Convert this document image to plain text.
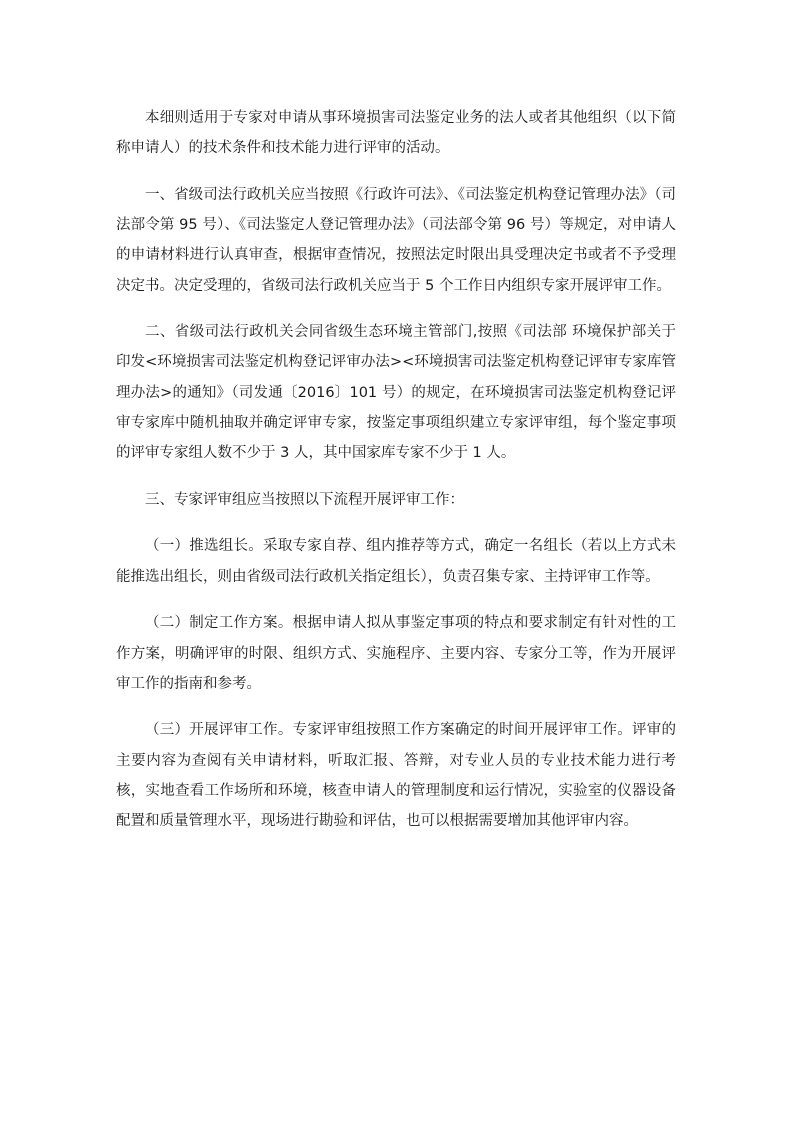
本细则适用于专家对申请从事环境损害司法鉴定业务的法人或者其他组织（以下简称申请人）的技术条件和技术能力进行评审的活动。

一、省级司法行政机关应当按照《行政许可法》、《司法鉴定机构登记管理办法》（司法部令第 95 号）、《司法鉴定人登记管理办法》（司法部令第 96 号）等规定，对申请人的申请材料进行认真审查，根据审查情况，按照法定时限出具受理决定书或者不予受理决定书。决定受理的，省级司法行政机关应当于 5 个工作日内组织专家开展评审工作。

二、省级司法行政机关会同省级生态环境主管部门,按照《司法部 环境保护部关于印发<环境损害司法鉴定机构登记评审办法><环境损害司法鉴定机构登记评审专家库管理办法>的通知》（司发通〔2016〕101 号）的规定，在环境损害司法鉴定机构登记评审专家库中随机抽取并确定评审专家，按鉴定事项组织建立专家评审组，每个鉴定事项的评审专家组人数不少于 3 人，其中国家库专家不少于 1 人。

三、专家评审组应当按照以下流程开展评审工作：

（一）推选组长。采取专家自荐、组内推荐等方式，确定一名组长（若以上方式未能推选出组长，则由省级司法行政机关指定组长），负责召集专家、主持评审工作等。

（二）制定工作方案。根据申请人拟从事鉴定事项的特点和要求制定有针对性的工作方案，明确评审的时限、组织方式、实施程序、主要内容、专家分工等，作为开展评审工作的指南和参考。

（三）开展评审工作。专家评审组按照工作方案确定的时间开展评审工作。评审的主要内容为查阅有关申请材料，听取汇报、答辩，对专业人员的专业技术能力进行考核，实地查看工作场所和环境，核查申请人的管理制度和运行情况，实验室的仪器设备配置和质量管理水平，现场进行勘验和评估，也可以根据需要增加其他评审内容。
